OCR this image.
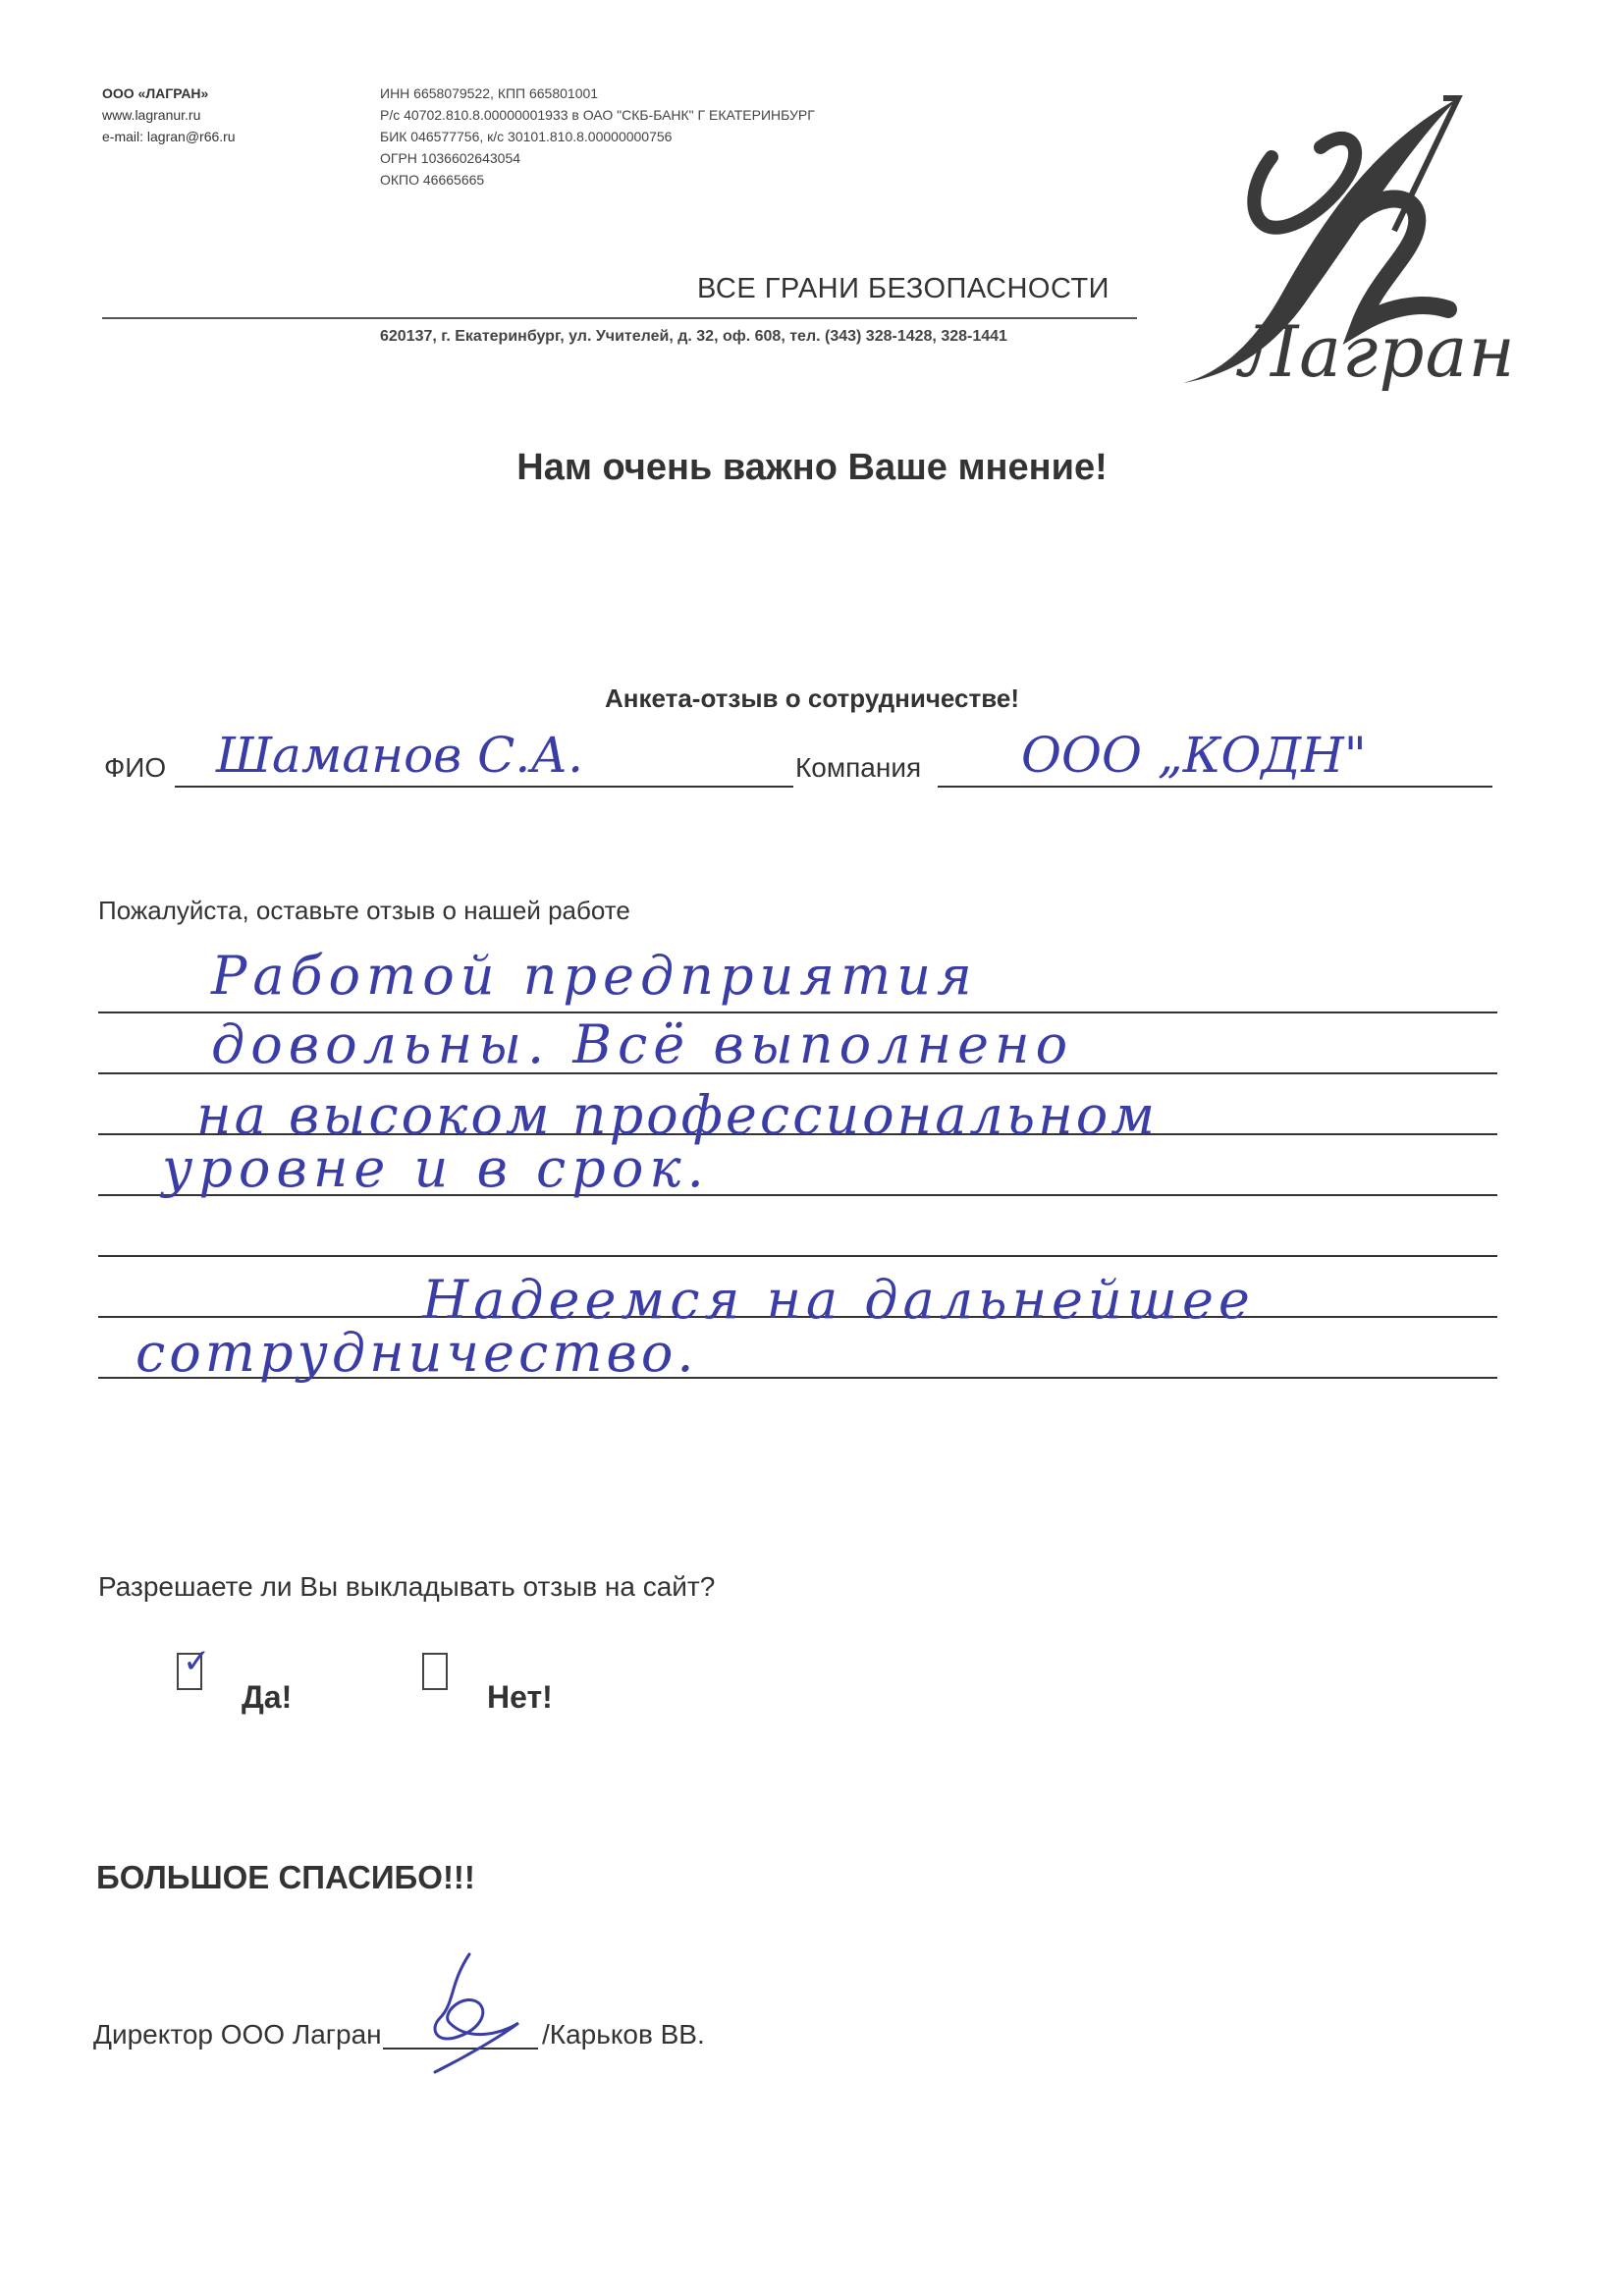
ООО «ЛАГРАН»
www.lagranur.ru
e-mail: lagran@r66.ru
ИНН 6658079522, КПП 665801001
Р/с 40702.810.8.00000001933 в ОАО "СКБ-БАНК" Г ЕКАТЕРИНБУРГ
БИК 046577756, к/с 30101.810.8.00000000756
ОГРН 1036602643054
ОКПО 46665665
ВСЕ ГРАНИ БЕЗОПАСНОСТИ
620137, г. Екатеринбург, ул. Учителей, д. 32, оф. 608, тел. (343) 328-1428, 328-1441	Лагран
Нам очень важно Ваше мнение!
Анкета-отзыв о сотрудничестве!
ФИО Шаманов С.А.	Компания ООО „КОДН"
Пожалуйста, оставьте отзыв о нашей работе
Работой предприятия
довольны. Всё выполнено
на высоком профессиональном
уровне и в срок.
Надеемся на дальнейшее
сотрудничество.
Разрешаете ли Вы выкладывать отзыв на сайт?
✓
Да!	Нет!
БОЛЬШОЕ СПАСИБО!!!
Директор ООО Лагран	/Карьков ВВ.
